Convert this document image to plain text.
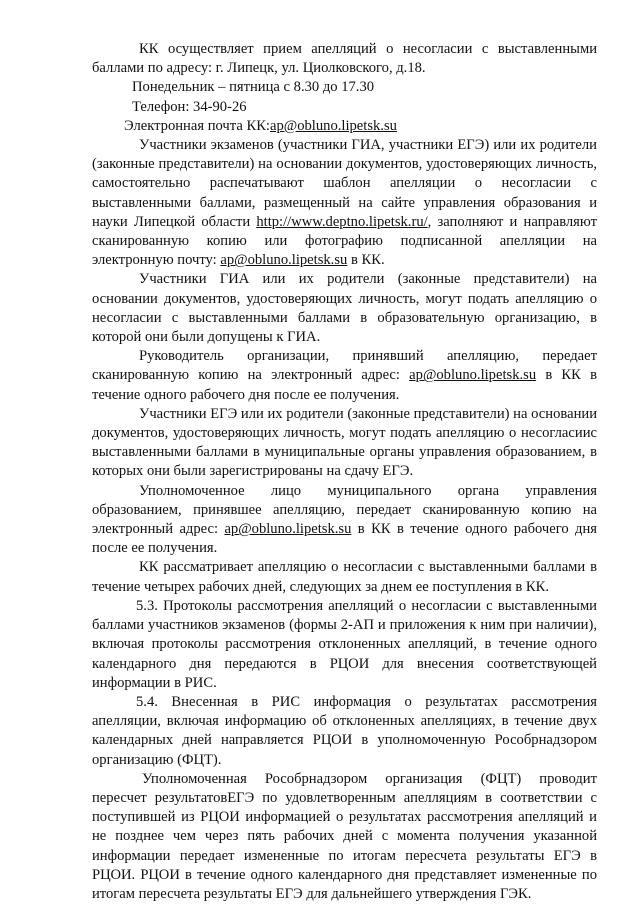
КК осуществляет прием апелляций о несогласии с выставленными баллами по адресу: г. Липецк, ул. Циолковского, д.18.

Понедельник – пятница с 8.30 до 17.30

Телефон: 34-90-26

Электронная почта КК:ap@obluno.lipetsk.su

Участники экзаменов (участники ГИА, участники ЕГЭ) или их родители (законные представители) на основании документов, удостоверяющих личность, самостоятельно распечатывают шаблон апелляции о несогласии с выставленными баллами, размещенный на сайте управления образования и науки Липецкой области http://www.deptno.lipetsk.ru/, заполняют и направляют сканированную копию или фотографию подписанной апелляции на электронную почту: ap@obluno.lipetsk.su в КК.

Участники ГИА или их родители (законные представители) на основании документов, удостоверяющих личность, могут подать апелляцию о несогласии с выставленными баллами в образовательную организацию, в которой они были допущены к ГИА.

Руководитель организации, принявший апелляцию, передает сканированную копию на электронный адрес: ap@obluno.lipetsk.su в КК в течение одного рабочего дня после ее получения.

Участники ЕГЭ или их родители (законные представители) на основании документов, удостоверяющих личность, могут подать апелляцию о несогласиис выставленными баллами в муниципальные органы управления образованием, в которых они были зарегистрированы на сдачу ЕГЭ.

Уполномоченное лицо муниципального органа управления образованием, принявшее апелляцию, передает сканированную копию на электронный адрес: ap@obluno.lipetsk.su в КК в течение одного рабочего дня после ее получения.

КК рассматривает апелляцию о несогласии с выставленными баллами в течение четырех рабочих дней, следующих за днем ее поступления в КК.

5.3. Протоколы рассмотрения апелляций о несогласии с выставленными баллами участников экзаменов (формы 2-АП и приложения к ним при наличии), включая протоколы рассмотрения отклоненных апелляций, в течение одного календарного дня передаются в РЦОИ для внесения соответствующей информации в РИС.

5.4. Внесенная в РИС информация о результатах рассмотрения апелляции, включая информацию об отклоненных апелляциях, в течение двух календарных дней направляется РЦОИ в уполномоченную Рособрнадзором организацию (ФЦТ).

Уполномоченная Рособрнадзором организация (ФЦТ) проводит пересчет результатовЕГЭ по удовлетворенным апелляциям в соответствии с поступившей из РЦОИ информацией о результатах рассмотрения апелляций и не позднее чем через пять рабочих дней с момента получения указанной информации передает измененные по итогам пересчета результаты ЕГЭ в РЦОИ. РЦОИ в течение одного календарного дня представляет измененные по итогам пересчета результаты ЕГЭ для дальнейшего утверждения ГЭК.
